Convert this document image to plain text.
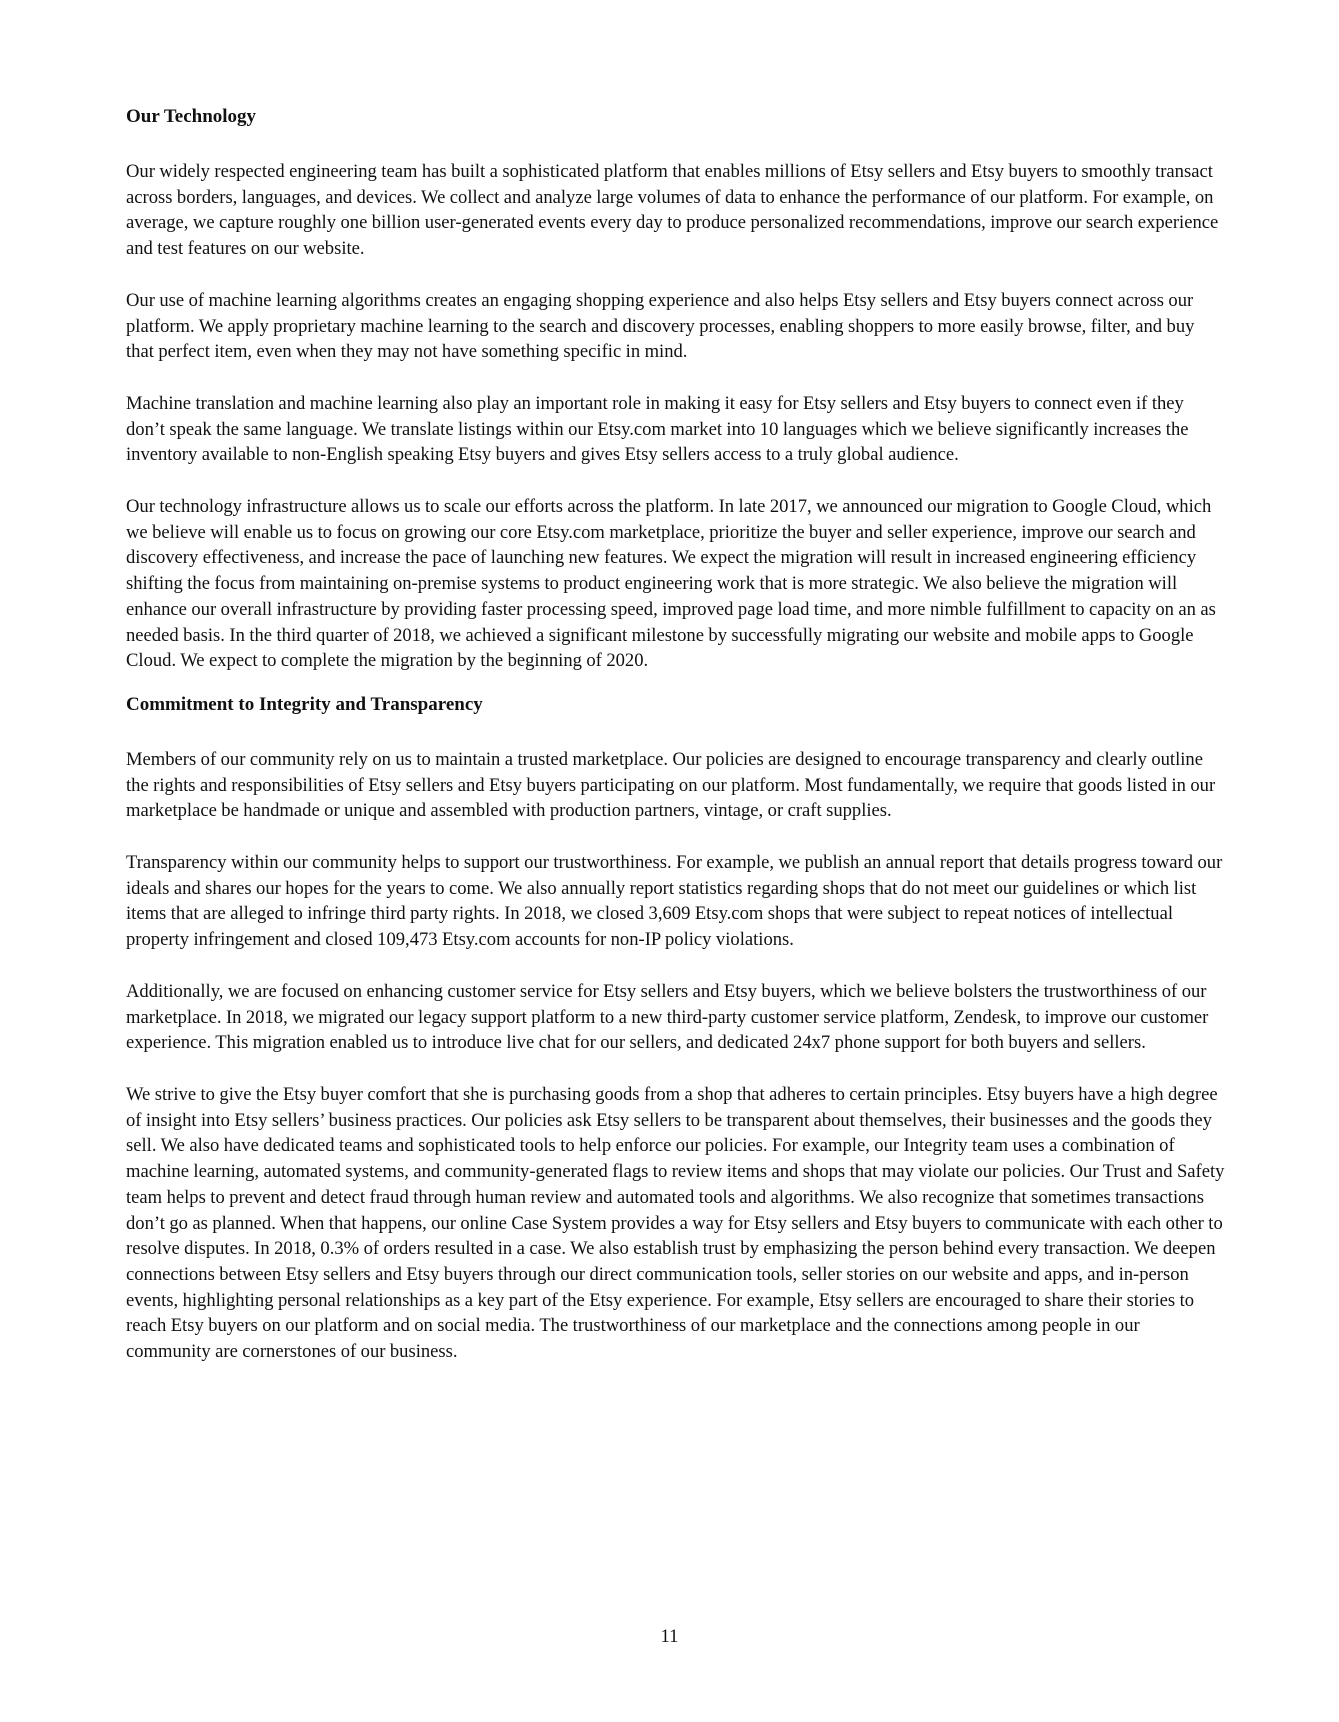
Our Technology

Our widely respected engineering team has built a sophisticated platform that enables millions of Etsy sellers and Etsy buyers to smoothly transact across borders, languages, and devices. We collect and analyze large volumes of data to enhance the performance of our platform. For example, on average, we capture roughly one billion user-generated events every day to produce personalized recommendations, improve our search experience and test features on our website.

Our use of machine learning algorithms creates an engaging shopping experience and also helps Etsy sellers and Etsy buyers connect across our platform. We apply proprietary machine learning to the search and discovery processes, enabling shoppers to more easily browse, filter, and buy that perfect item, even when they may not have something specific in mind.

Machine translation and machine learning also play an important role in making it easy for Etsy sellers and Etsy buyers to connect even if they don’t speak the same language. We translate listings within our Etsy.com market into 10 languages which we believe significantly increases the inventory available to non-English speaking Etsy buyers and gives Etsy sellers access to a truly global audience.

Our technology infrastructure allows us to scale our efforts across the platform. In late 2017, we announced our migration to Google Cloud, which we believe will enable us to focus on growing our core Etsy.com marketplace, prioritize the buyer and seller experience, improve our search and discovery effectiveness, and increase the pace of launching new features. We expect the migration will result in increased engineering efficiency shifting the focus from maintaining on-premise systems to product engineering work that is more strategic. We also believe the migration will enhance our overall infrastructure by providing faster processing speed, improved page load time, and more nimble fulfillment to capacity on an as needed basis. In the third quarter of 2018, we achieved a significant milestone by successfully migrating our website and mobile apps to Google Cloud. We expect to complete the migration by the beginning of 2020.

Commitment to Integrity and Transparency

Members of our community rely on us to maintain a trusted marketplace. Our policies are designed to encourage transparency and clearly outline the rights and responsibilities of Etsy sellers and Etsy buyers participating on our platform. Most fundamentally, we require that goods listed in our marketplace be handmade or unique and assembled with production partners, vintage, or craft supplies.

Transparency within our community helps to support our trustworthiness. For example, we publish an annual report that details progress toward our ideals and shares our hopes for the years to come. We also annually report statistics regarding shops that do not meet our guidelines or which list items that are alleged to infringe third party rights. In 2018, we closed 3,609 Etsy.com shops that were subject to repeat notices of intellectual property infringement and closed 109,473 Etsy.com accounts for non-IP policy violations.

Additionally, we are focused on enhancing customer service for Etsy sellers and Etsy buyers, which we believe bolsters the trustworthiness of our marketplace. In 2018, we migrated our legacy support platform to a new third-party customer service platform, Zendesk, to improve our customer experience. This migration enabled us to introduce live chat for our sellers, and dedicated 24x7 phone support for both buyers and sellers.

We strive to give the Etsy buyer comfort that she is purchasing goods from a shop that adheres to certain principles. Etsy buyers have a high degree of insight into Etsy sellers’ business practices. Our policies ask Etsy sellers to be transparent about themselves, their businesses and the goods they sell. We also have dedicated teams and sophisticated tools to help enforce our policies. For example, our Integrity team uses a combination of machine learning, automated systems, and community-generated flags to review items and shops that may violate our policies. Our Trust and Safety team helps to prevent and detect fraud through human review and automated tools and algorithms. We also recognize that sometimes transactions don’t go as planned. When that happens, our online Case System provides a way for Etsy sellers and Etsy buyers to communicate with each other to resolve disputes. In 2018, 0.3% of orders resulted in a case. We also establish trust by emphasizing the person behind every transaction. We deepen connections between Etsy sellers and Etsy buyers through our direct communication tools, seller stories on our website and apps, and in-person events, highlighting personal relationships as a key part of the Etsy experience. For example, Etsy sellers are encouraged to share their stories to reach Etsy buyers on our platform and on social media. The trustworthiness of our marketplace and the connections among people in our community are cornerstones of our business.

11
